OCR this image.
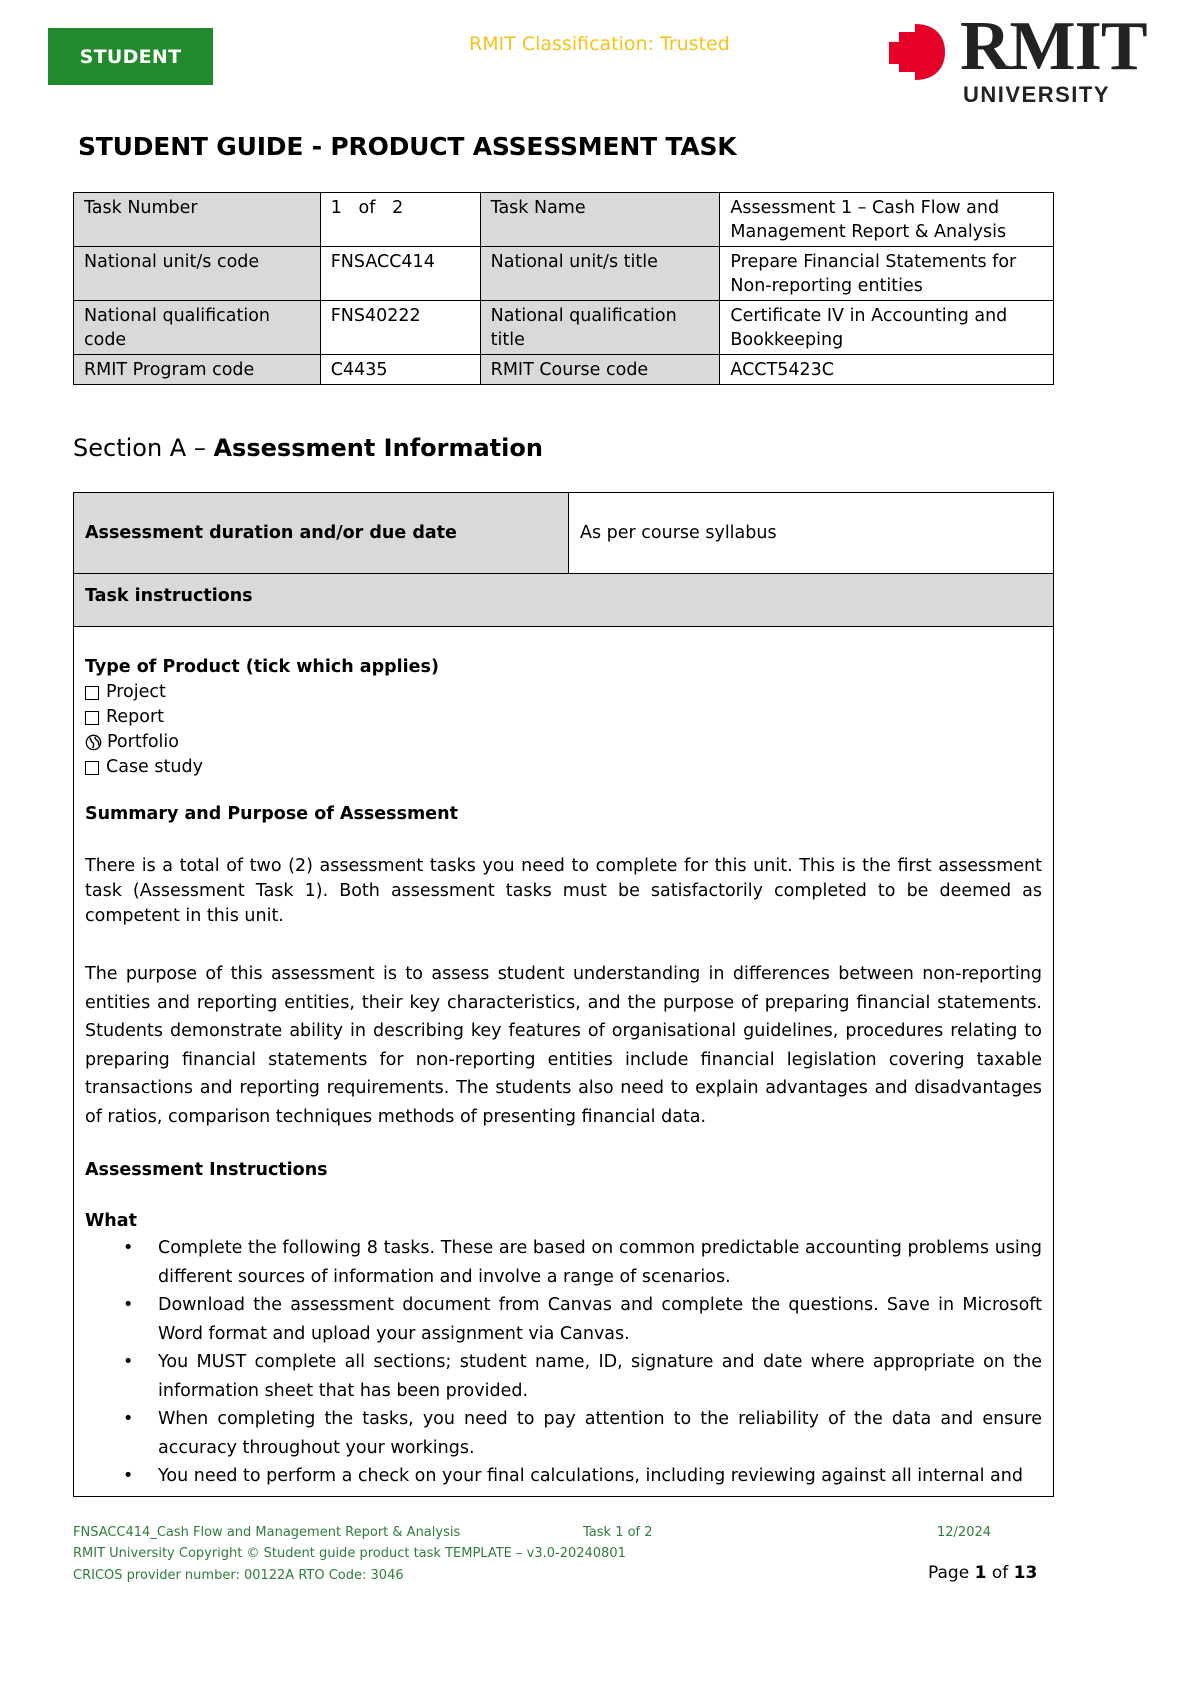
STUDENT
RMIT Classification: Trusted	RMIT
UNIVERSITY
STUDENT GUIDE - PRODUCT ASSESSMENT TASK
Task Number	1   of   2	Task Name	Assessment 1 – Cash Flow and Management Report & Analysis
National unit/s code	FNSACC414	National unit/s title	Prepare Financial Statements for Non-reporting entities
National qualification code	FNS40222	National qualification title	Certificate IV in Accounting and Bookkeeping
RMIT Program code	C4435	RMIT Course code	ACCT5423C
Section A – Assessment Information
Assessment duration and/or due date	As per course syllabus
Task instructions
Type of Product (tick which applies)
Project
Report
Portfolio
Case study
Summary and Purpose of Assessment
There is a total of two (2) assessment tasks you need to complete for this unit. This is the first assessment task (Assessment Task 1). Both assessment tasks must be satisfactorily completed to be deemed as competent in this unit.
The purpose of this assessment is to assess student understanding in differences between non-reporting entities and reporting entities, their key characteristics, and the purpose of preparing financial statements. Students demonstrate ability in describing key features of organisational guidelines, procedures relating to preparing financial statements for non-reporting entities include financial legislation covering taxable transactions and reporting requirements. The students also need to explain advantages and disadvantages of ratios, comparison techniques methods of presenting financial data.
Assessment Instructions
What
• Complete the following 8 tasks. These are based on common predictable accounting problems using different sources of information and involve a range of scenarios.
• Download the assessment document from Canvas and complete the questions. Save in Microsoft Word format and upload your assignment via Canvas.
• You MUST complete all sections; student name, ID, signature and date where appropriate on the information sheet that has been provided.
• When completing the tasks, you need to pay attention to the reliability of the data and ensure accuracy throughout your workings.
• You need to perform a check on your final calculations, including reviewing against all internal and
FNSACC414_Cash Flow and Management Report & Analysis	Task 1 of 2	12/2024
RMIT University Copyright © Student guide product task TEMPLATE – v3.0-20240801
CRICOS provider number: 00122A RTO Code: 3046	Page 1 of 13
